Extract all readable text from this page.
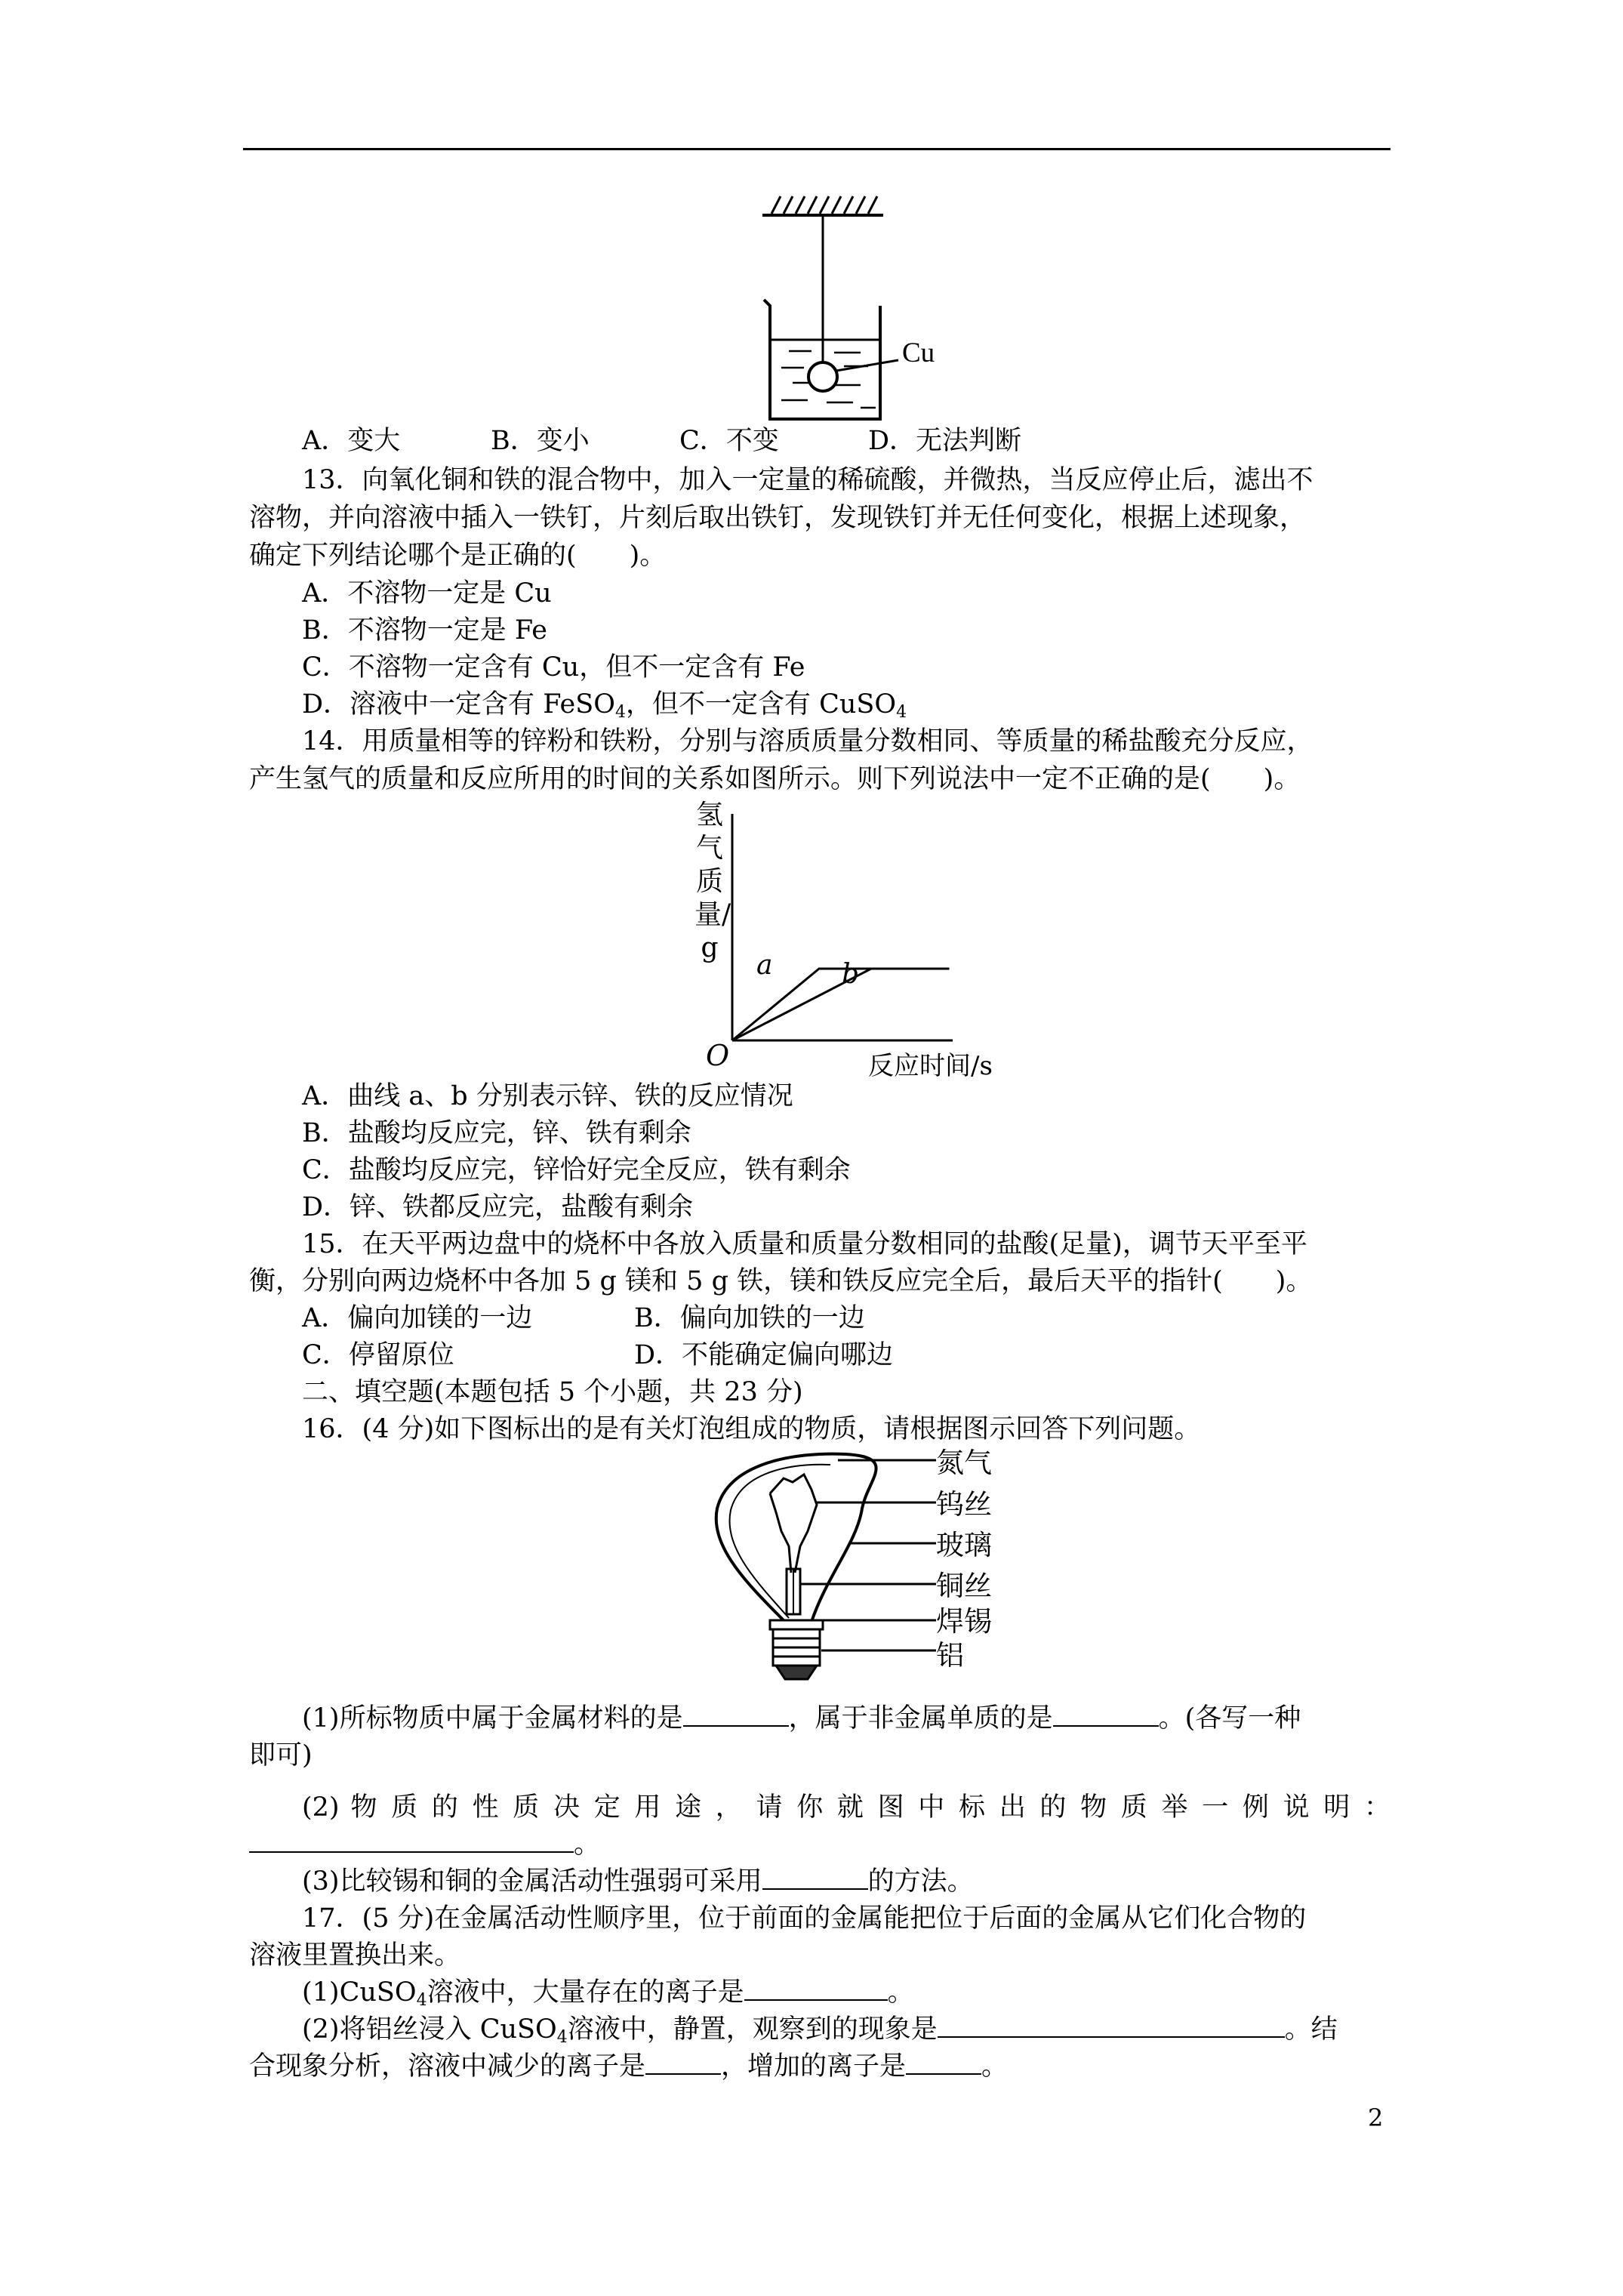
Cu
A．变大	B．变小	C．不变	D．无法判断
13．向氧化铜和铁的混合物中，加入一定量的稀硫酸，并微热，当反应停止后，滤出不
溶物，并向溶液中插入一铁钉，片刻后取出铁钉，发现铁钉并无任何变化，根据上述现象，
确定下列结论哪个是正确的(　　)。
A．不溶物一定是 Cu
B．不溶物一定是 Fe
C．不溶物一定含有 Cu，但不一定含有 Fe
D．溶液中一定含有 FeSO$_4$，但不一定含有 CuSO$_4$
14．用质量相等的锌粉和铁粉，分别与溶质质量分数相同、等质量的稀盐酸充分反应，
产生氢气的质量和反应所用的时间的关系如图所示。则下列说法中一定不正确的是(　　)。
氢气质量/g
O	反应时间/s
a	b
A．曲线 a、b 分别表示锌、铁的反应情况
B．盐酸均反应完，锌、铁有剩余
C．盐酸均反应完，锌恰好完全反应，铁有剩余
D．锌、铁都反应完，盐酸有剩余
15．在天平两边盘中的烧杯中各放入质量和质量分数相同的盐酸(足量)，调节天平至平
衡，分别向两边烧杯中各加 5 g 镁和 5 g 铁，镁和铁反应完全后，最后天平的指针(　　)。
A．偏向加镁的一边	B．偏向加铁的一边
C．停留原位	D．不能确定偏向哪边
二、填空题(本题包括 5 个小题，共 23 分)
16．(4 分)如下图标出的是有关灯泡组成的物质，请根据图示回答下列问题。
氮气
钨丝
玻璃
铜丝
焊锡
铝
(1)所标物质中属于金属材料的是	，属于非金属单质的是	。(各写一种
即可)
(2) 物 质 的 性 质 决 定 用 途 ， 请 你 就 图 中 标 出 的 物 质 举 一 例 说 明 ：
。
(3)比较锡和铜的金属活动性强弱可采用	的方法。
17．(5 分)在金属活动性顺序里，位于前面的金属能把位于后面的金属从它们化合物的
溶液里置换出来。
(1)CuSO$_4$溶液中，大量存在的离子是	。
(2)将铝丝浸入 CuSO$_4$溶液中，静置，观察到的现象是	。结
合现象分析，溶液中减少的离子是	，增加的离子是	。
2
